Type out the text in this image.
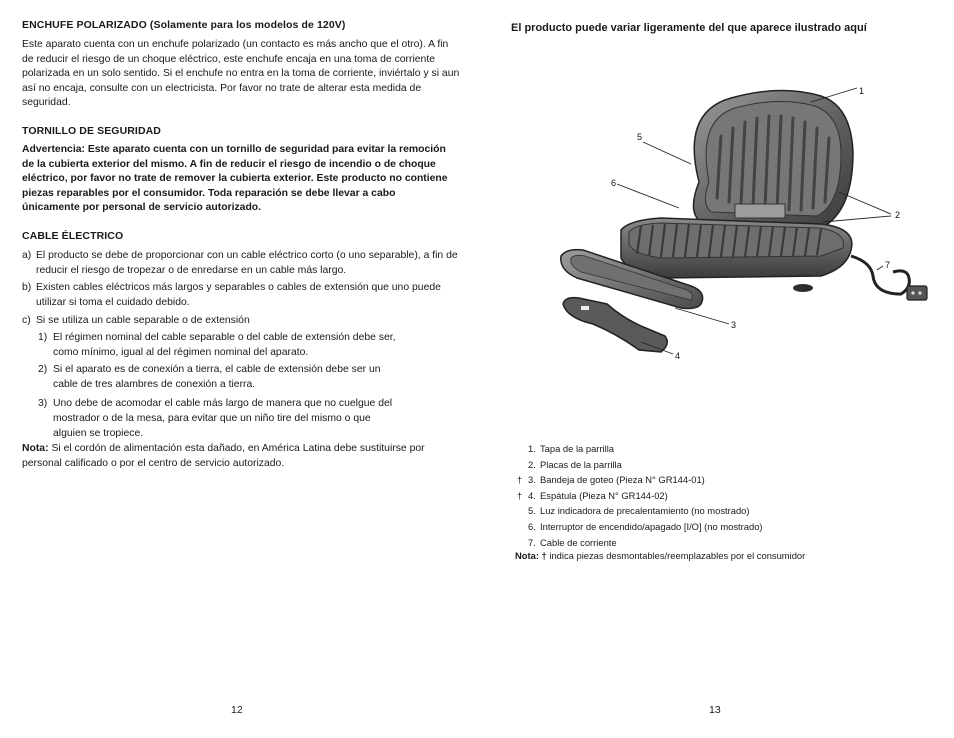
ENCHUFE POLARIZADO (Solamente para los modelos de 120V)
Este aparato cuenta con un enchufe polarizado (un contacto es más ancho que el otro). A fin de reducir el riesgo de un choque eléctrico, este enchufe encaja en una toma de corriente polarizada en un solo sentido. Si el enchufe no entra en la toma de corriente, inviértalo y si aun así no encaja, consulte con un electricista. Por favor no trate de alterar esta medida de seguridad.
TORNILLO DE SEGURIDAD
Advertencia: Este aparato cuenta con un tornillo de seguridad para evitar la remoción de la cubierta exterior del mismo. A fin de reducir el riesgo de incendio o de choque eléctrico, por favor no trate de remover la cubierta exterior. Este producto no contiene piezas reparables por el consumidor. Toda reparación se debe llevar a cabo únicamente por personal de servicio autorizado.
CABLE ÉLECTRICO
a) El producto se debe de proporcionar con un cable eléctrico corto (o uno separable), a fin de reducir el riesgo de tropezar o de enredarse en un cable más largo.
b) Existen cables eléctricos más largos y separables o cables de extensión que uno puede utilizar si toma el cuidado debido.
c) Si se utiliza un cable separable o de extensión
1) El régimen nominal del cable separable o del cable de extensión debe ser, como mínimo, igual al del régimen nominal del aparato.
2) Si el aparato es de conexión a tierra, el cable de extensión debe ser un cable de tres alambres de conexión a tierra.
3) Uno debe de acomodar el cable más largo de manera que no cuelgue del mostrador o de la mesa, para evitar que un niño tire del mismo o que alguien se tropiece.
Nota: Si el cordón de alimentación esta dañado, en América Latina debe sustituirse por personal calificado o por el centro de servicio autorizado.
12
El producto puede variar ligeramente del que aparece ilustrado aquí
1
2
3
4
5
6
7
1. Tapa de la parrilla
2. Placas de la parrilla
† 3. Bandeja de goteo (Pieza N° GR144-01)
† 4. Espátula (Pieza N° GR144-02)
5. Luz indicadora de precalentamiento (no mostrado)
6. Interruptor de encendido/apagado [I/O] (no mostrado)
7. Cable de corriente
Nota: † indica piezas desmontables/reemplazables por el consumidor
13
